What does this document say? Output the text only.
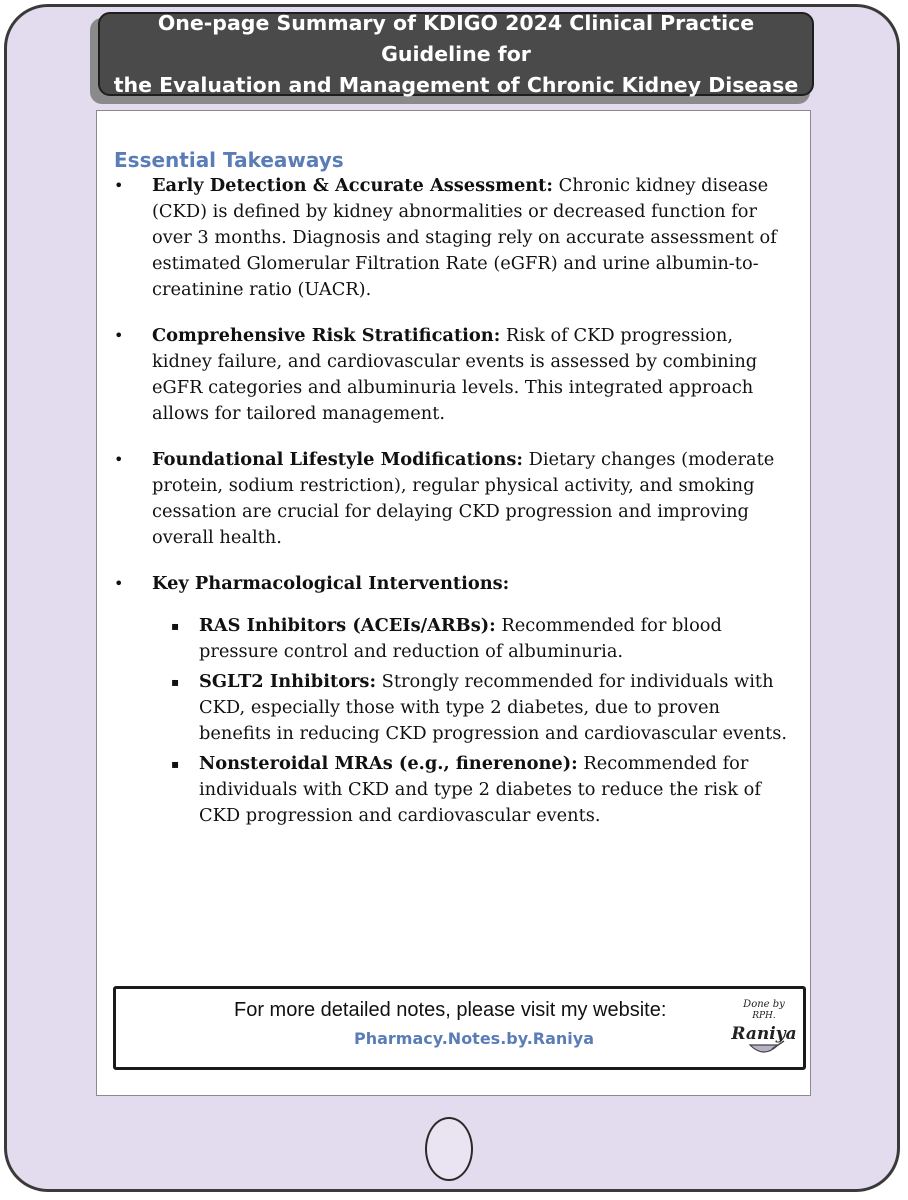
One-page Summary of KDIGO 2024 Clinical Practice Guideline for
the Evaluation and Management of Chronic Kidney Disease
Essential Takeaways
• Early Detection & Accurate Assessment: Chronic kidney disease (CKD) is defined by kidney abnormalities or decreased function for over 3 months. Diagnosis and staging rely on accurate assessment of estimated Glomerular Filtration Rate (eGFR) and urine albumin-to-creatinine ratio (UACR).
• Comprehensive Risk Stratification: Risk of CKD progression, kidney failure, and cardiovascular events is assessed by combining eGFR categories and albuminuria levels. This integrated approach allows for tailored management.
• Foundational Lifestyle Modifications: Dietary changes (moderate protein, sodium restriction), regular physical activity, and smoking cessation are crucial for delaying CKD progression and improving overall health.
• Key Pharmacological Interventions:
▪ RAS Inhibitors (ACEIs/ARBs): Recommended for blood pressure control and reduction of albuminuria.
▪ SGLT2 Inhibitors: Strongly recommended for individuals with CKD, especially those with type 2 diabetes, due to proven benefits in reducing CKD progression and cardiovascular events.
▪ Nonsteroidal MRAs (e.g., finerenone): Recommended for individuals with CKD and type 2 diabetes to reduce the risk of CKD progression and cardiovascular events.
For more detailed notes, please visit my website:
Pharmacy.Notes.by.Raniya
Done by
RPH.
Raniya
